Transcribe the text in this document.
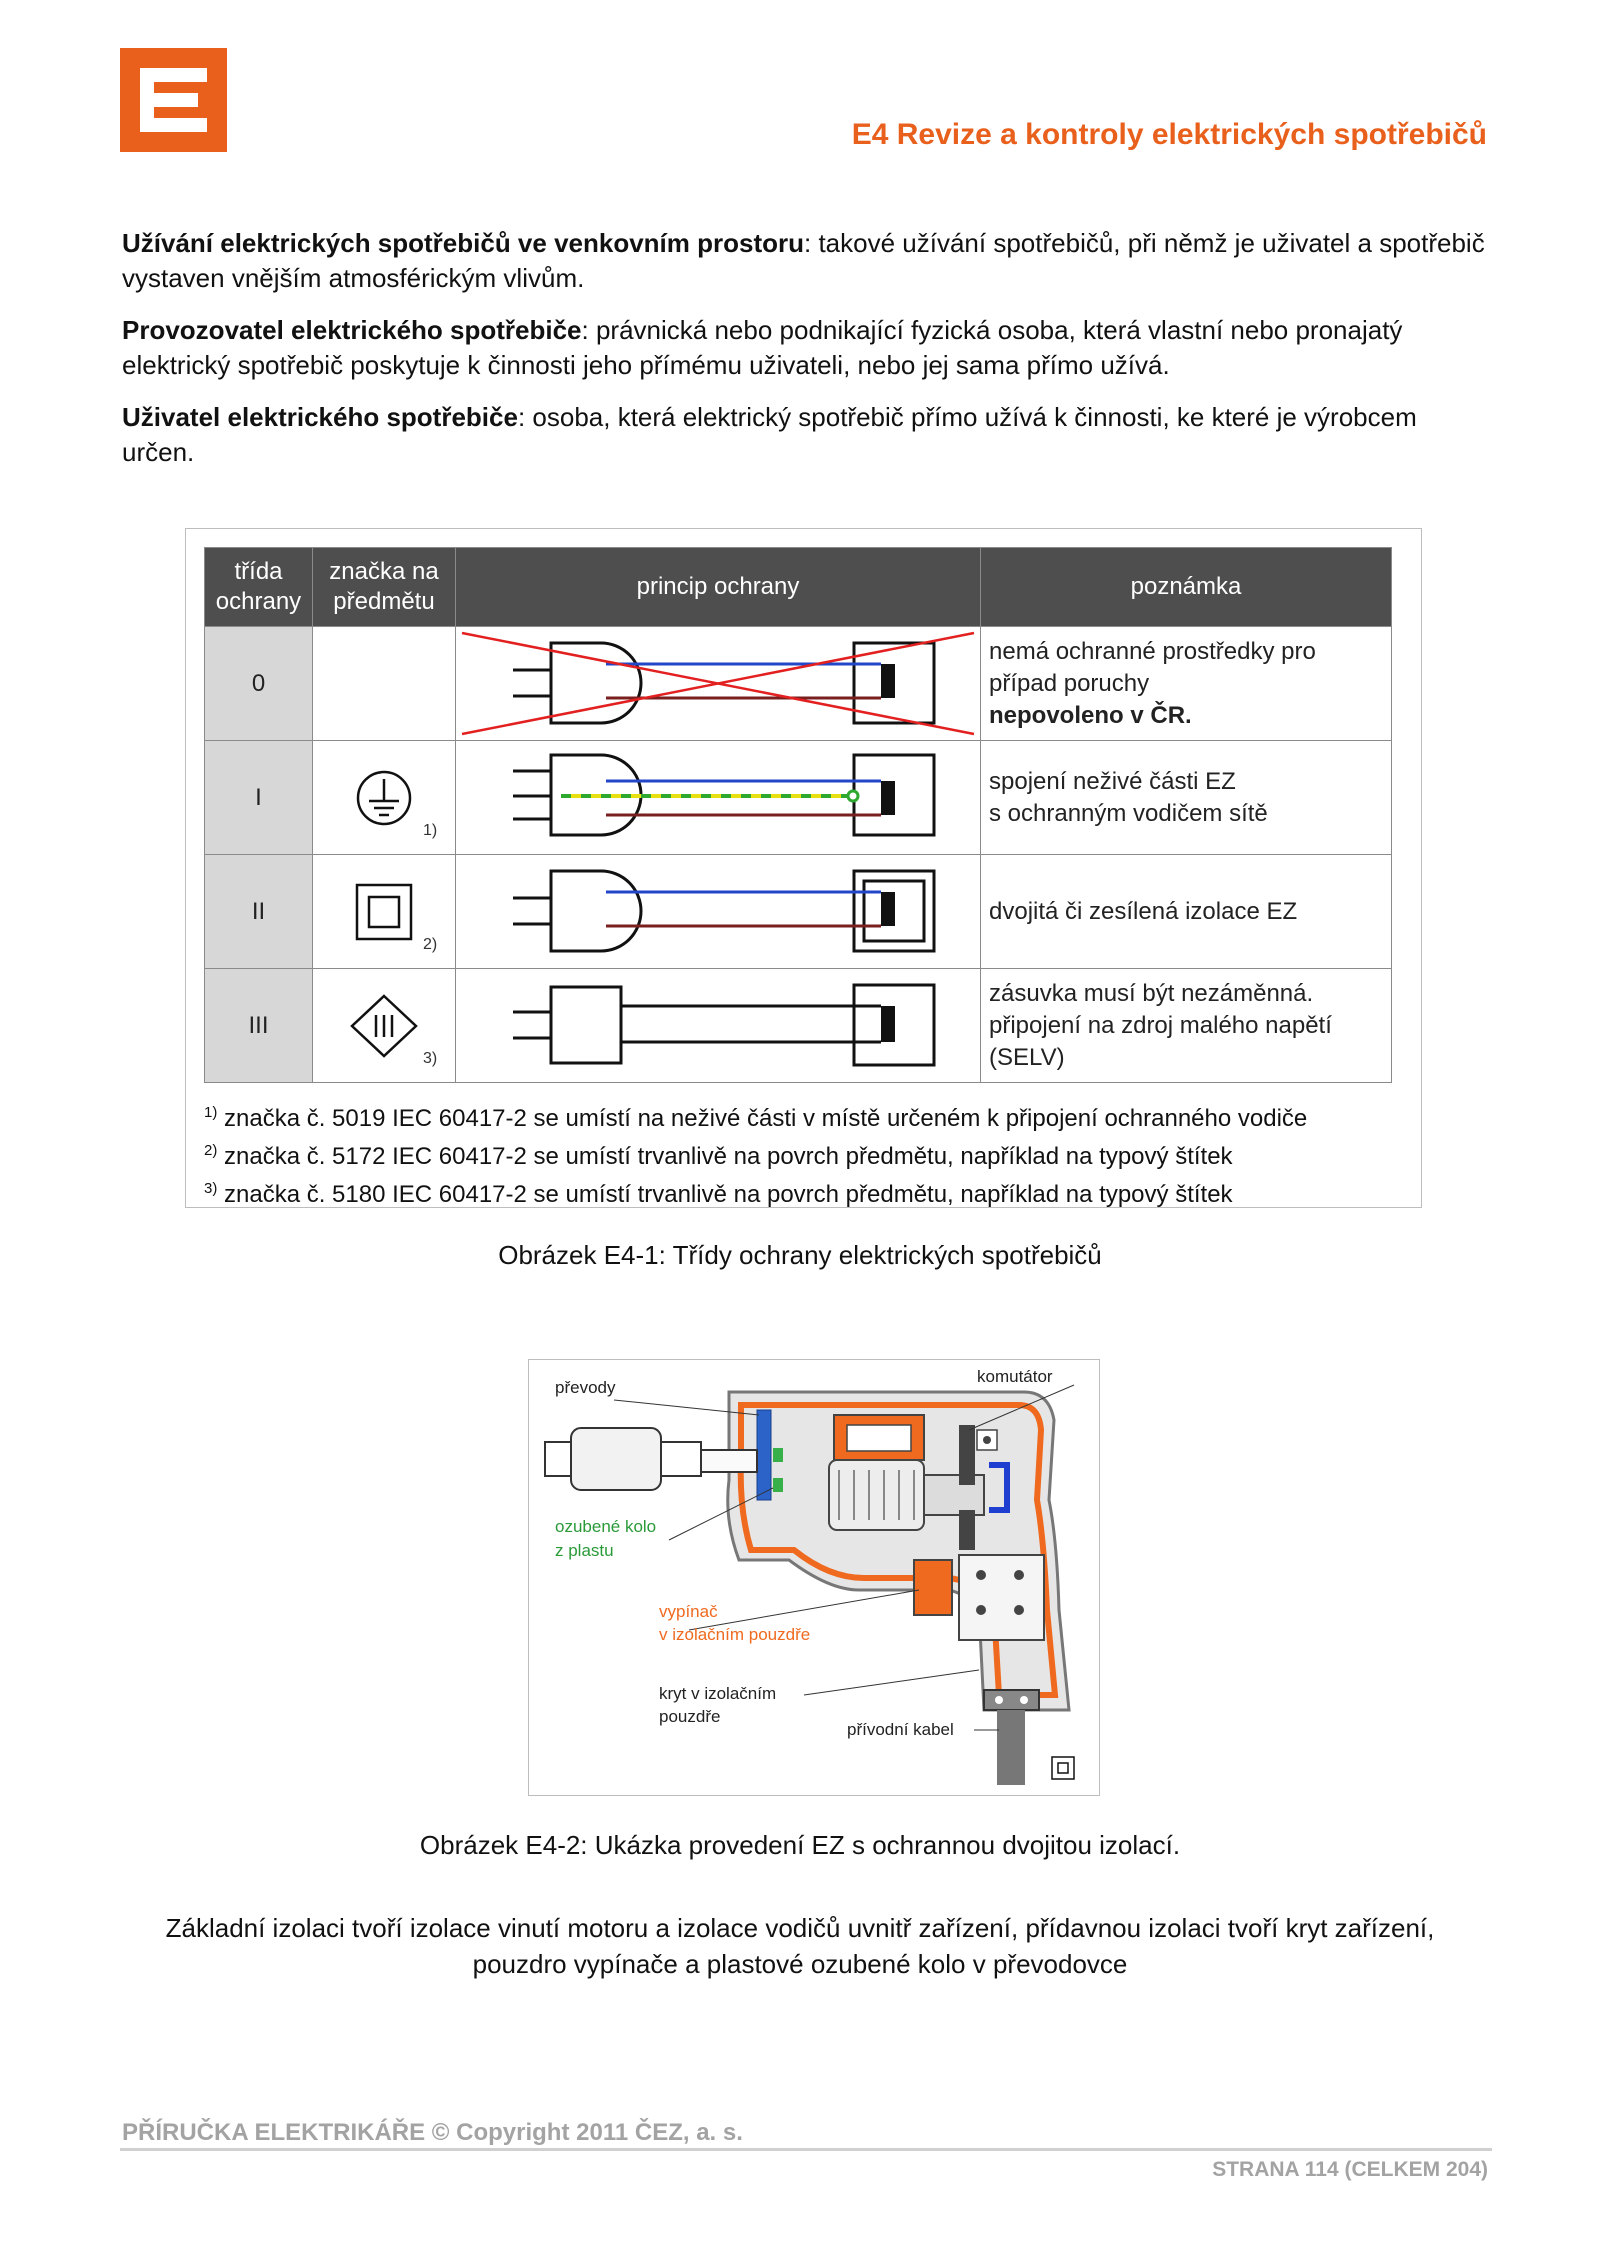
E4 Revize a kontroly elektrických spotřebičů

Užívání elektrických spotřebičů ve venkovním prostoru: takové užívání spotřebičů, při němž je uživatel a spotřebič vystaven vnějším atmosférickým vlivům.

Provozovatel elektrického spotřebiče: právnická nebo podnikající fyzická osoba, která vlastní nebo pronajatý elektrický spotřebič poskytuje k činnosti jeho přímému uživateli, nebo jej sama přímo užívá.

Uživatel elektrického spotřebiče: osoba, která elektrický spotřebič přímo užívá k činnosti, ke které je výrobcem určen.

třída ochrany	značka na předmětu	princip ochrany	poznámka
0			nemá ochranné prostředky pro
případ poruchy
nepovoleno v ČR.

I	1)		spojení neživé části EZ
s ochranným vodičem sítě

II	2)		dvojitá či zesílená izolace EZ

III	3)		zásuvka musí být nezáměnná.
připojení na zdroj malého napětí
(SELV)
$^{1)}$ značka č. 5019 IEC 60417-2 se umístí na neživé části v místě určeném k připojení ochranného vodiče
$^{2)}$ značka č. 5172 IEC 60417-2 se umístí trvanlivě na povrch předmětu, například na typový štítek
$^{3)}$ značka č. 5180 IEC 60417-2 se umístí trvanlivě na povrch předmětu, například na typový štítek
Obrázek E4-1: Třídy ochrany elektrických spotřebičů
převody
komutátor
ozubené kolo
z plastu
vypínač
v izolačním pouzdře
kryt v izolačním
pouzdře
přívodní kabel
Obrázek E4-2: Ukázka provedení EZ s ochrannou dvojitou izolací.
Základní izolaci tvoří izolace vinutí motoru a izolace vodičů uvnitř zařízení, přídavnou izolaci tvoří kryt zařízení, pouzdro vypínače a plastové ozubené kolo v převodovce
PŘÍRUČKA ELEKTRIKÁŘE © Copyright 2011 ČEZ, a. s.
STRANA 114 (CELKEM 204)
